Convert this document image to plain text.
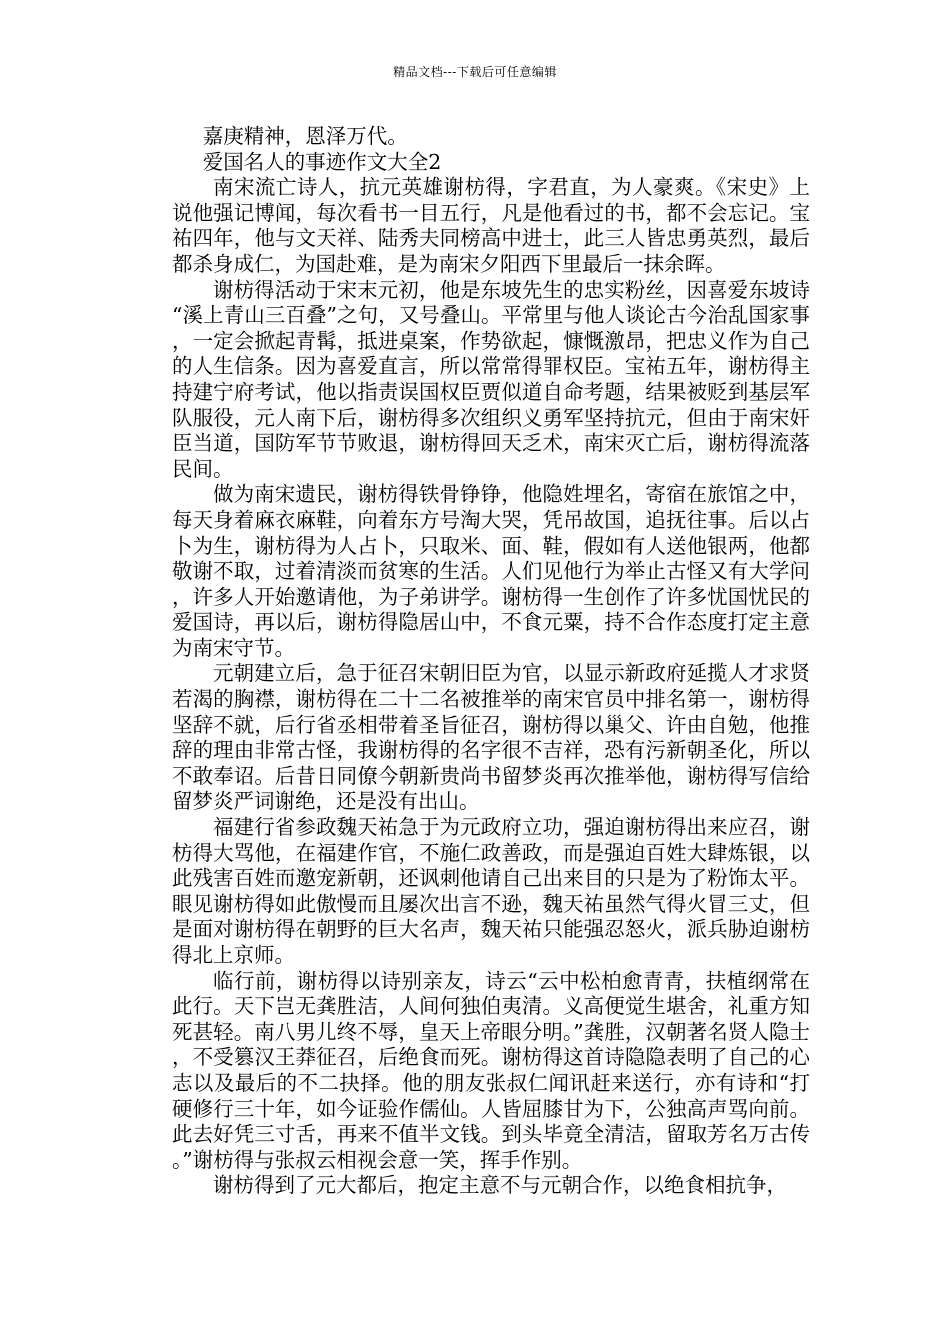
精品文档---下载后可任意编辑

嘉庚精神，恩泽万代。

爱国名人的事迹作文大全2

南宋流亡诗人，抗元英雄谢枋得，字君直，为人豪爽。《宋史》上说他强记博闻，每次看书一目五行，凡是他看过的书，都不会忘记。宝祐四年，他与文天祥、陆秀夫同榜高中进士，此三人皆忠勇英烈，最后都杀身成仁，为国赴难，是为南宋夕阳西下里最后一抹余晖。

谢枋得活动于宋末元初，他是东坡先生的忠实粉丝，因喜爱东坡诗“溪上青山三百叠”之句，又号叠山。平常里与他人谈论古今治乱国家事，一定会掀起青髯，抵进桌案，作势欲起，慷慨激昂，把忠义作为自己的人生信条。因为喜爱直言，所以常常得罪权臣。宝祐五年，谢枋得主持建宁府考试，他以指责误国权臣贾似道自命考题，结果被贬到基层军队服役，元人南下后，谢枋得多次组织义勇军坚持抗元，但由于南宋奸臣当道，国防军节节败退，谢枋得回天乏术，南宋灭亡后，谢枋得流落民间。

做为南宋遗民，谢枋得铁骨铮铮，他隐姓埋名，寄宿在旅馆之中，每天身着麻衣麻鞋，向着东方号淘大哭，凭吊故国，追抚往事。后以占卜为生，谢枋得为人占卜，只取米、面、鞋，假如有人送他银两，他都敬谢不取，过着清淡而贫寒的生活。人们见他行为举止古怪又有大学问，许多人开始邀请他，为子弟讲学。谢枋得一生创作了许多忧国忧民的爱国诗，再以后，谢枋得隐居山中，不食元粟，持不合作态度打定主意为南宋守节。

元朝建立后，急于征召宋朝旧臣为官，以显示新政府延揽人才求贤若渴的胸襟，谢枋得在二十二名被推举的南宋官员中排名第一，谢枋得坚辞不就，后行省丞相带着圣旨征召，谢枋得以巢父、许由自勉，他推辞的理由非常古怪，我谢枋得的名字很不吉祥，恐有污新朝圣化，所以不敢奉诏。后昔日同僚今朝新贵尚书留梦炎再次推举他，谢枋得写信给留梦炎严词谢绝，还是没有出山。

福建行省参政魏天祐急于为元政府立功，强迫谢枋得出来应召，谢枋得大骂他，在福建作官，不施仁政善政，而是强迫百姓大肆炼银，以此残害百姓而邀宠新朝，还讽刺他请自己出来目的只是为了粉饰太平。眼见谢枋得如此傲慢而且屡次出言不逊，魏天祐虽然气得火冒三丈，但是面对谢枋得在朝野的巨大名声，魏天祐只能强忍怒火，派兵胁迫谢枋得北上京师。

临行前，谢枋得以诗别亲友，诗云“云中松柏愈青青，扶植纲常在此行。天下岂无龚胜洁，人间何独伯夷清。义高便觉生堪舍，礼重方知死甚轻。南八男儿终不辱，皇天上帝眼分明。”龚胜，汉朝著名贤人隐士，不受篡汉王莽征召，后绝食而死。谢枋得这首诗隐隐表明了自己的心志以及最后的不二抉择。他的朋友张叔仁闻讯赶来送行，亦有诗和“打硬修行三十年，如今证验作儒仙。人皆屈膝甘为下，公独高声骂向前。此去好凭三寸舌，再来不值半文钱。到头毕竟全清洁，留取芳名万古传。”谢枋得与张叔云相视会意一笑，挥手作别。

谢枋得到了元大都后，抱定主意不与元朝合作，以绝食相抗争，
